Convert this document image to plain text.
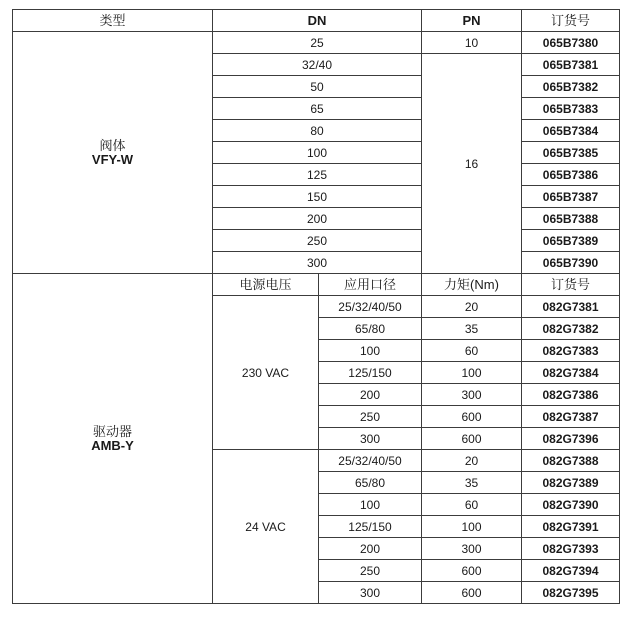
类型	DN		PN	订货号

阀体
VFY-W	25		10	065B7380
	32/40		16	065B7381
	50			065B7382
	65			065B7383
	80			065B7384
	100			065B7385
	125			065B7386
	150			065B7387
	200			065B7388
	250			065B7389
	300			065B7390

驱动器
AMB-Y	电源电压	应用口径	力矩(Nm)	订货号
	230 VAC	25/32/40/50	20	082G7381
		65/80	35	082G7382
		100	60	082G7383
		125/150	100	082G7384
		200	300	082G7386
		250	600	082G7387
		300	600	082G7396
	24 VAC	25/32/40/50	20	082G7388
		65/80	35	082G7389
		100	60	082G7390
		125/150	100	082G7391
		200	300	082G7393
		250	600	082G7394
		300	600	082G7395
